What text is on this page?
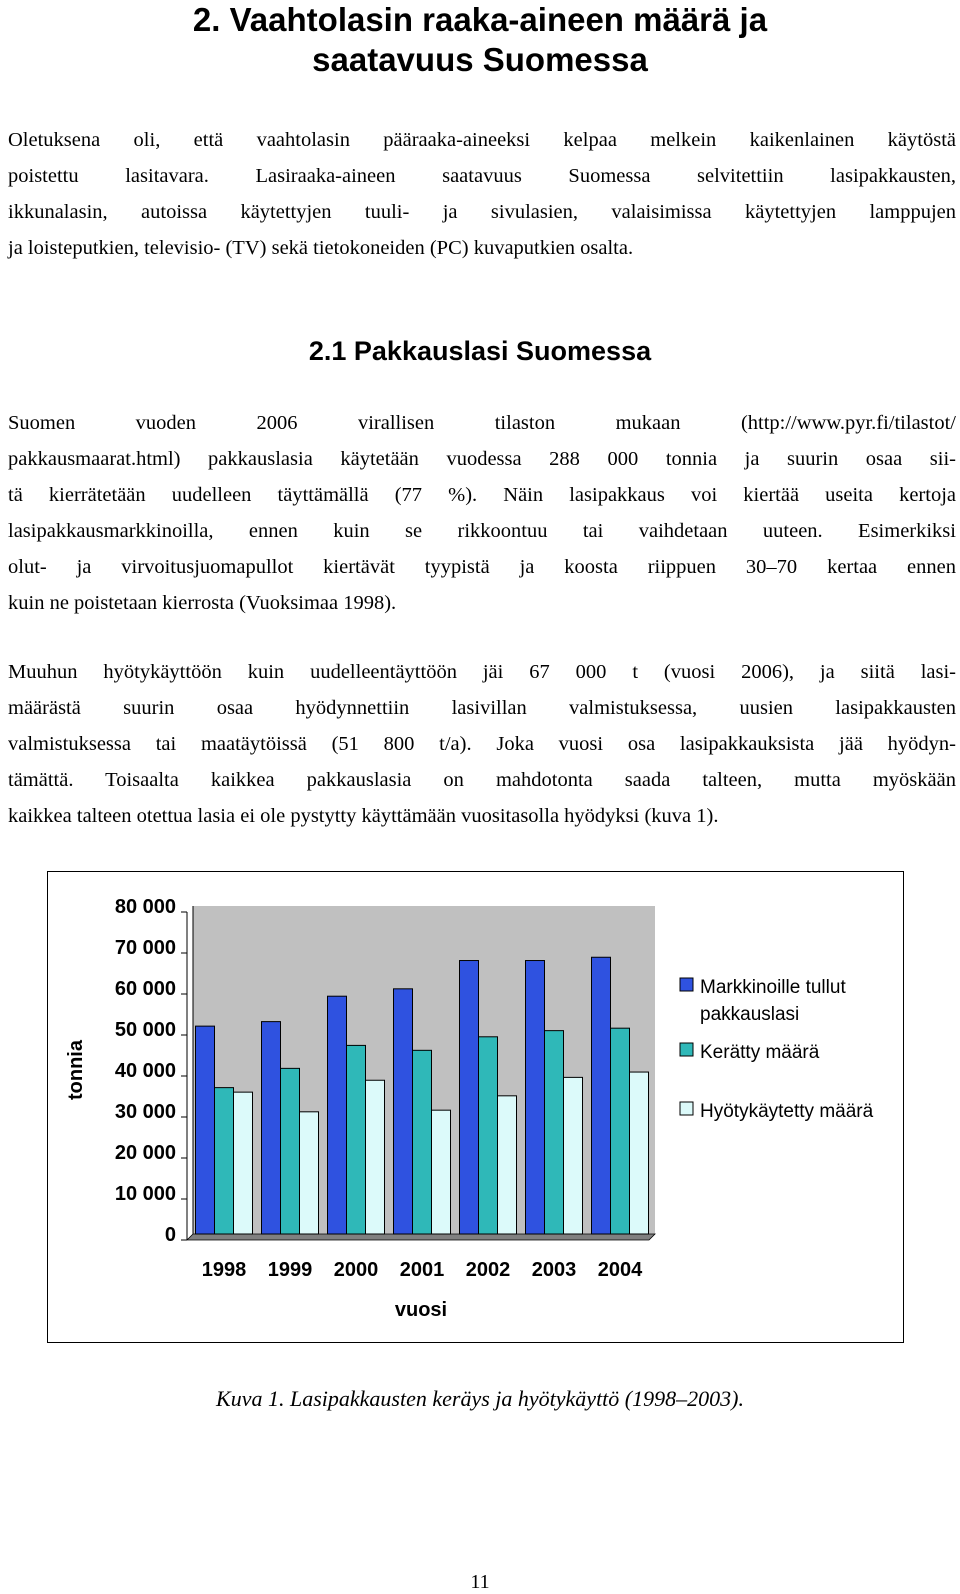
2. Vaahtolasin raaka-aineen määrä ja
saatavuus Suomessa

Oletuksena oli, että vaahtolasin pääraaka-aineeksi kelpaa melkein kaikenlainen käytöstä
poistettu lasitavara. Lasiraaka-aineen saatavuus Suomessa selvitettiin lasipakkausten,
ikkunalasin, autoissa käytettyjen tuuli- ja sivulasien, valaisimissa käytettyjen lamppujen
ja loisteputkien, televisio- (TV) sekä tietokoneiden (PC) kuvaputkien osalta.

2.1 Pakkauslasi Suomessa

Suomen vuoden 2006 virallisen tilaston mukaan (http://www.pyr.fi/tilastot/
pakkausmaarat.html) pakkauslasia käytetään vuodessa 288 000 tonnia ja suurin osaa sii-
tä kierrätetään uudelleen täyttämällä (77 %). Näin lasipakkaus voi kiertää useita kertoja
lasipakkausmarkkinoilla, ennen kuin se rikkoontuu tai vaihdetaan uuteen. Esimerkiksi
olut- ja virvoitusjuomapullot kiertävät tyypistä ja koosta riippuen 30–70 kertaa ennen
kuin ne poistetaan kierrosta (Vuoksimaa 1998).

Muuhun hyötykäyttöön kuin uudelleentäyttöön jäi 67 000 t (vuosi 2006), ja siitä lasi-
määrästä suurin osaa hyödynnettiin lasivillan valmistuksessa, uusien lasipakkausten
valmistuksessa tai maatäytöissä (51 800 t/a). Joka vuosi osa lasipakkauksista jää hyödyn-
tämättä. Toisaalta kaikkea pakkauslasia on mahdotonta saada talteen, mutta myöskään
kaikkea talteen otettua lasia ei ole pystytty käyttämään vuositasolla hyödyksi (kuva 1).

80 000
70 000
60 000
50 000
40 000
30 000
20 000
10 000
0
tonnia
1998 1999 2000 2001 2002 2003 2004
vuosi
Markkinoille tullut
pakkauslasi
Kerätty määrä
Hyötykäytetty määrä

Kuva 1. Lasipakkausten keräys ja hyötykäyttö (1998–2003).

11
